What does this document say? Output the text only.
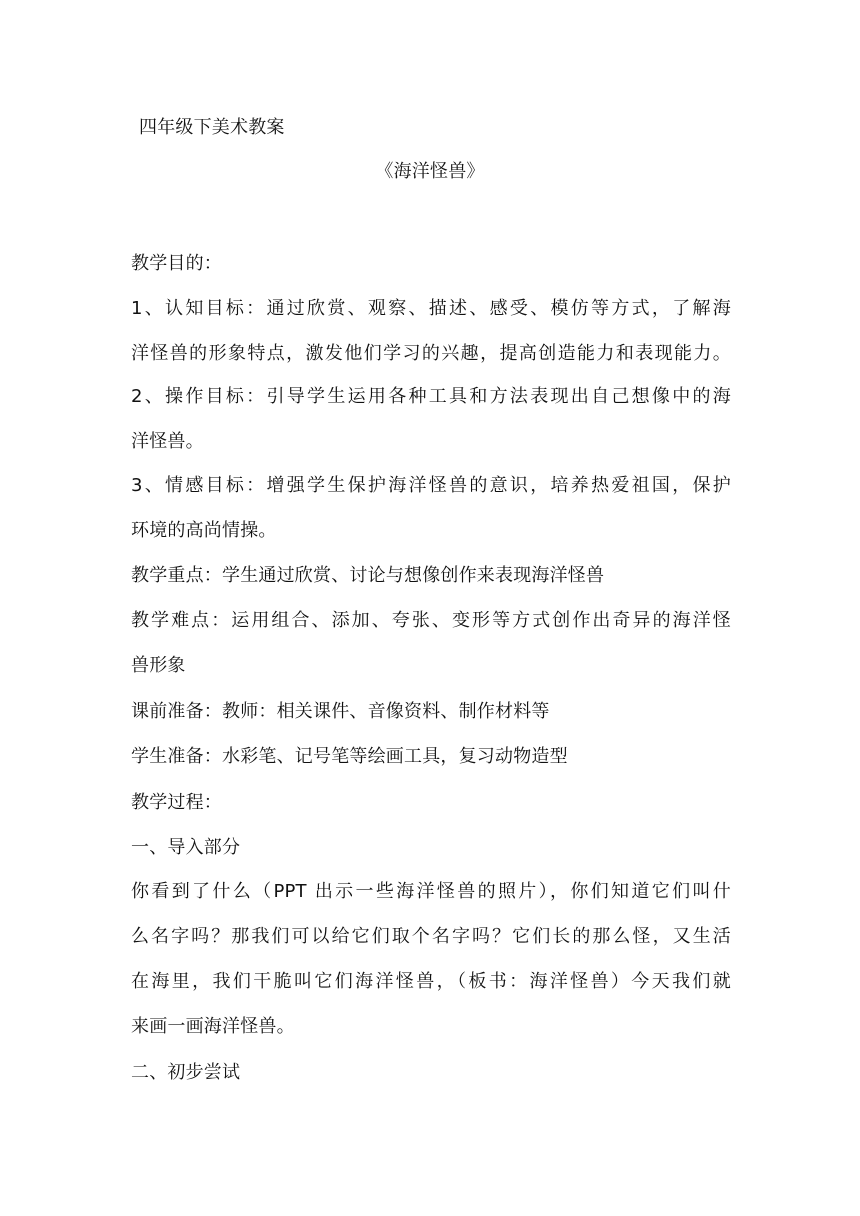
四年级下美术教案
《海洋怪兽》
教学目的：
1、认知目标：通过欣赏、观察、描述、感受、模仿等方式，了解海
洋怪兽的形象特点，激发他们学习的兴趣，提高创造能力和表现能力。
2、操作目标：引导学生运用各种工具和方法表现出自己想像中的海
洋怪兽。
3、情感目标：增强学生保护海洋怪兽的意识，培养热爱祖国，保护
环境的高尚情操。
教学重点：学生通过欣赏、讨论与想像创作来表现海洋怪兽
教学难点：运用组合、添加、夸张、变形等方式创作出奇异的海洋怪
兽形象
课前准备：教师：相关课件、音像资料、制作材料等
学生准备：水彩笔、记号笔等绘画工具，复习动物造型
教学过程：
一、导入部分
你看到了什么（PPT 出示一些海洋怪兽的照片），你们知道它们叫什
么名字吗？那我们可以给它们取个名字吗？它们长的那么怪，又生活
在海里，我们干脆叫它们海洋怪兽，（板书：海洋怪兽）今天我们就
来画一画海洋怪兽。
二、初步尝试
